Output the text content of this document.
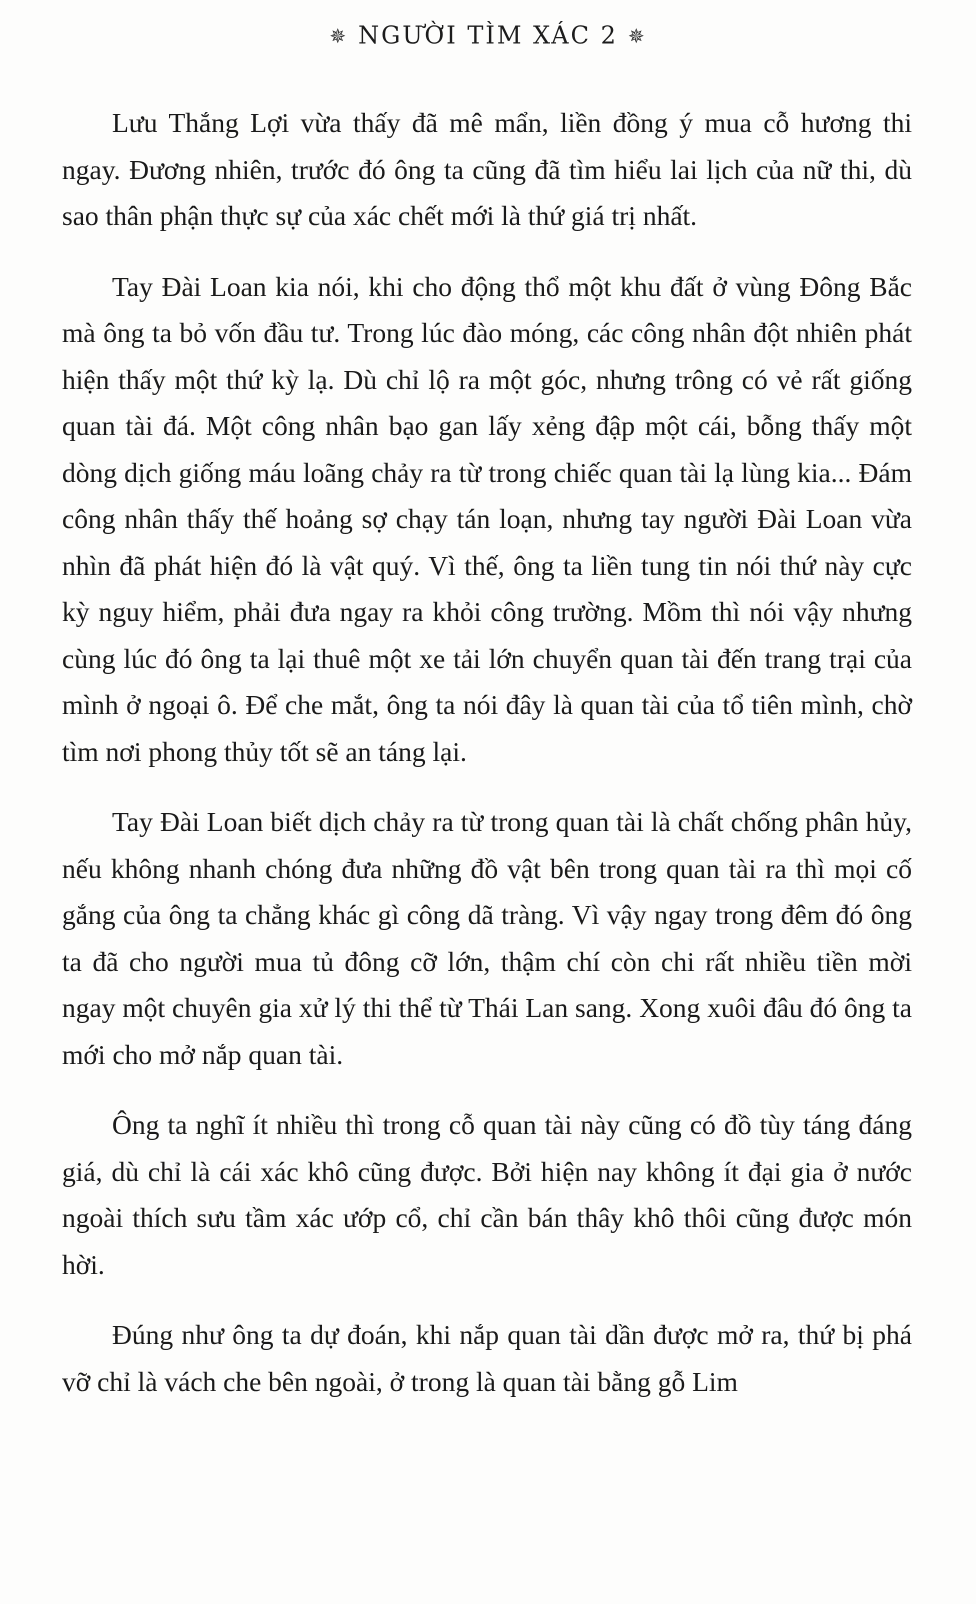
✵ NGƯỜI TÌM XÁC 2 ✵

Lưu Thắng Lợi vừa thấy đã mê mẩn, liền đồng ý mua cỗ hương thi ngay. Đương nhiên, trước đó ông ta cũng đã tìm hiểu lai lịch của nữ thi, dù sao thân phận thực sự của xác chết mới là thứ giá trị nhất.

Tay Đài Loan kia nói, khi cho động thổ một khu đất ở vùng Đông Bắc mà ông ta bỏ vốn đầu tư. Trong lúc đào móng, các công nhân đột nhiên phát hiện thấy một thứ kỳ lạ. Dù chỉ lộ ra một góc, nhưng trông có vẻ rất giống quan tài đá. Một công nhân bạo gan lấy xẻng đập một cái, bỗng thấy một dòng dịch giống máu loãng chảy ra từ trong chiếc quan tài lạ lùng kia... Đám công nhân thấy thế hoảng sợ chạy tán loạn, nhưng tay người Đài Loan vừa nhìn đã phát hiện đó là vật quý. Vì thế, ông ta liền tung tin nói thứ này cực kỳ nguy hiểm, phải đưa ngay ra khỏi công trường. Mồm thì nói vậy nhưng cùng lúc đó ông ta lại thuê một xe tải lớn chuyển quan tài đến trang trại của mình ở ngoại ô. Để che mắt, ông ta nói đây là quan tài của tổ tiên mình, chờ tìm nơi phong thủy tốt sẽ an táng lại.

Tay Đài Loan biết dịch chảy ra từ trong quan tài là chất chống phân hủy, nếu không nhanh chóng đưa những đồ vật bên trong quan tài ra thì mọi cố gắng của ông ta chẳng khác gì công dã tràng. Vì vậy ngay trong đêm đó ông ta đã cho người mua tủ đông cỡ lớn, thậm chí còn chi rất nhiều tiền mời ngay một chuyên gia xử lý thi thể từ Thái Lan sang. Xong xuôi đâu đó ông ta mới cho mở nắp quan tài.

Ông ta nghĩ ít nhiều thì trong cỗ quan tài này cũng có đồ tùy táng đáng giá, dù chỉ là cái xác khô cũng được. Bởi hiện nay không ít đại gia ở nước ngoài thích sưu tầm xác ướp cổ, chỉ cần bán thây khô thôi cũng được món hời.

Đúng như ông ta dự đoán, khi nắp quan tài dần được mở ra, thứ bị phá vỡ chỉ là vách che bên ngoài, ở trong là quan tài bằng gỗ Lim
